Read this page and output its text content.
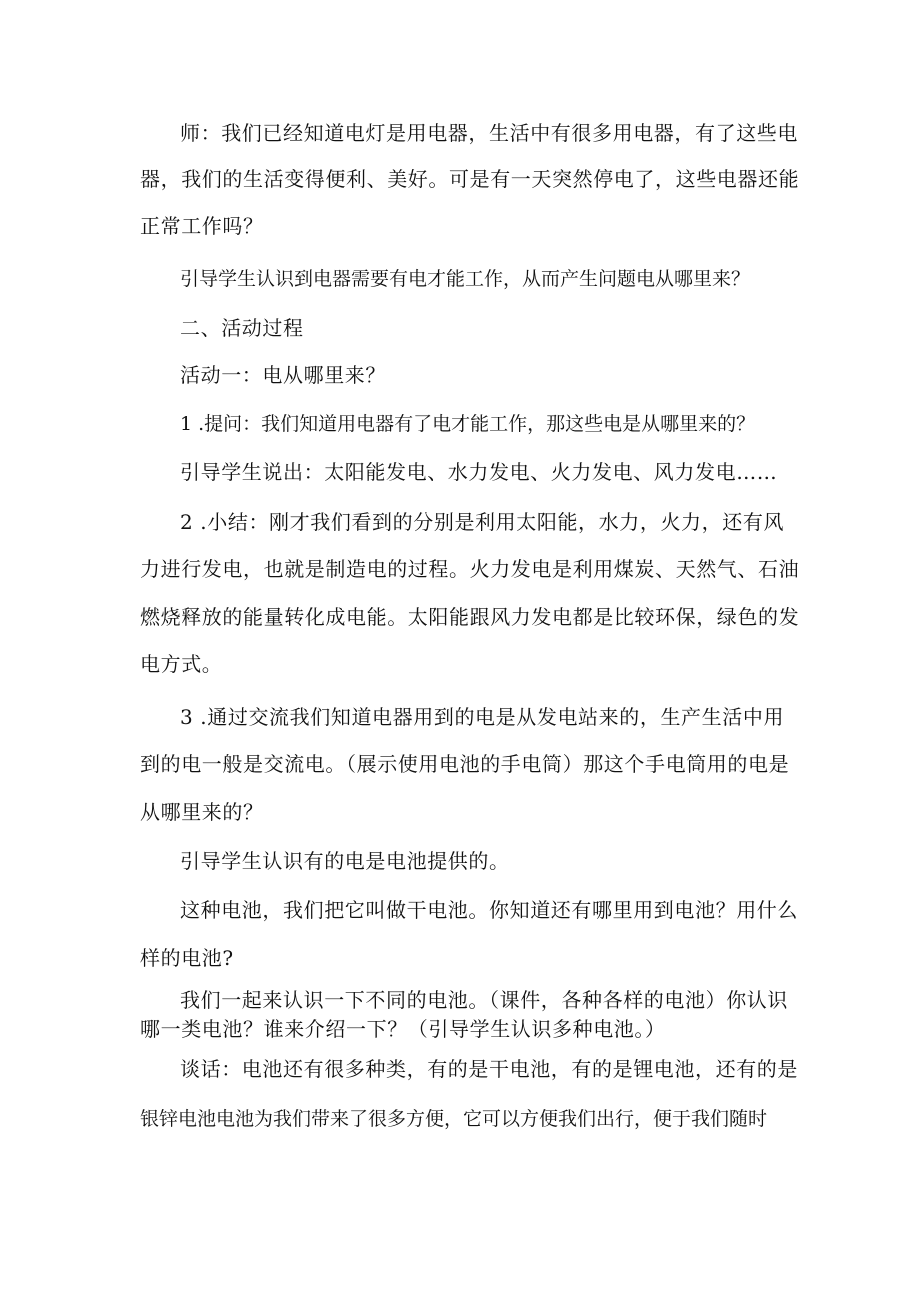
师：我们已经知道电灯是用电器，生活中有很多用电器，有了这些电
器，我们的生活变得便利、美好。可是有一天突然停电了，这些电器还能
正常工作吗？
引导学生认识到电器需要有电才能工作，从而产生问题电从哪里来？
二、活动过程
活动一：电从哪里来？
1 .提问：我们知道用电器有了电才能工作，那这些电是从哪里来的？
引导学生说出：太阳能发电、水力发电、火力发电、风力发电……
2 .小结：刚才我们看到的分别是利用太阳能，水力，火力，还有风
力进行发电，也就是制造电的过程。火力发电是利用煤炭、天然气、石油
燃烧释放的能量转化成电能。太阳能跟风力发电都是比较环保，绿色的发
电方式。
3 .通过交流我们知道电器用到的电是从发电站来的，生产生活中用
到的电一般是交流电。（展示使用电池的手电筒）那这个手电筒用的电是
从哪里来的？
引导学生认识有的电是电池提供的。
这种电池，我们把它叫做干电池。你知道还有哪里用到电池？用什么
样的电池?
我们一起来认识一下不同的电池。（课件，各种各样的电池）你认识
哪一类电池？谁来介绍一下？（引导学生认识多种电池。）
谈话：电池还有很多种类，有的是干电池，有的是锂电池，还有的是
银锌电池电池为我们带来了很多方便，它可以方便我们出行，便于我们随时
